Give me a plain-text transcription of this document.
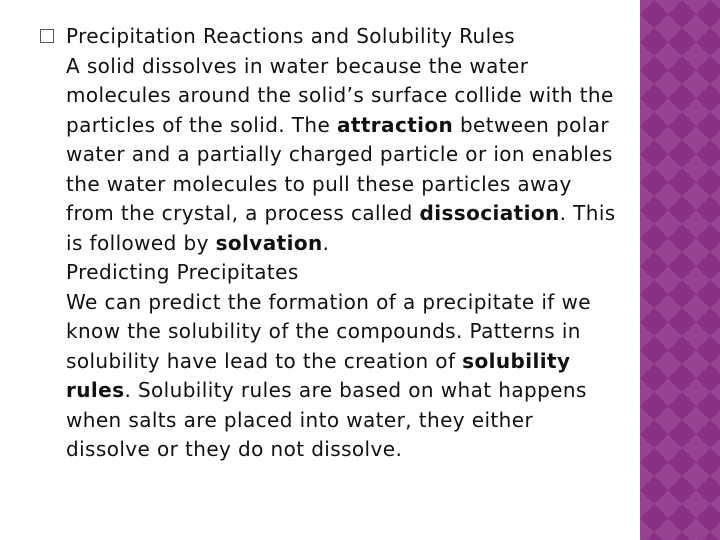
Precipitation Reactions and Solubility Rules
A solid dissolves in water because the water molecules around the solid’s surface collide with the particles of the solid. The attraction between polar water and a partially charged particle or ion enables the water molecules to pull these particles away from the crystal, a process called dissociation. This is followed by solvation.
Predicting Precipitates
We can predict the formation of a precipitate if we know the solubility of the compounds. Patterns in solubility have lead to the creation of solubility rules. Solubility rules are based on what happens when salts are placed into water, they either dissolve or they do not dissolve.
